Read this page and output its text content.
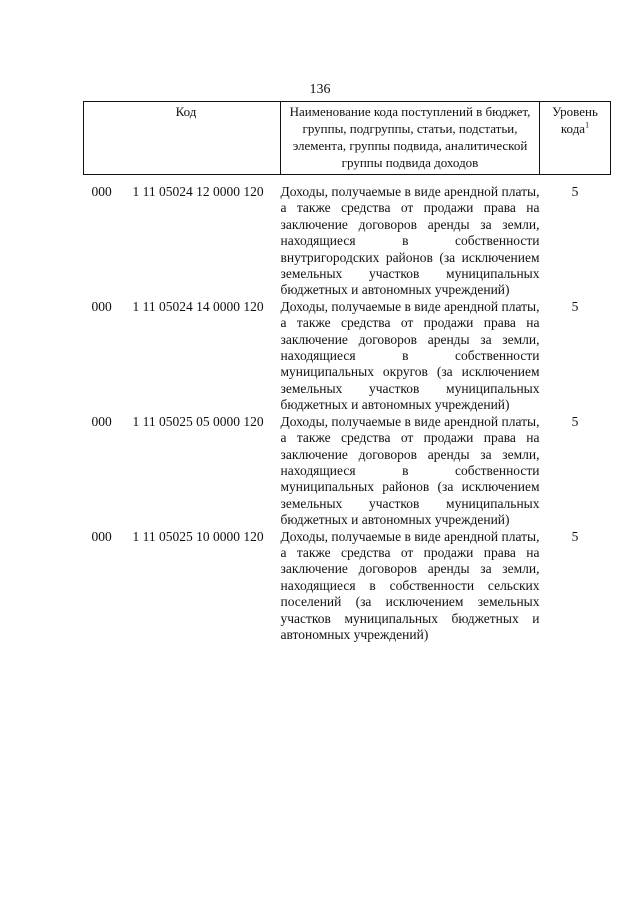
136
Код	Наименование кода поступлений в бюджет, группы, подгруппы, статьи, подстатьи, элемента, группы подвида, аналитической группы подвида доходов	Уровень кода$^1$

000 1 11 05024 12 0000 120	Доходы, получаемые в виде арендной платы, а также средства от продажи права на заключение договоров аренды за земли, находящиеся в собственности внутригородских районов (за исключением земельных участков муниципальных бюджетных и автономных учреждений)	5
000 1 11 05024 14 0000 120	Доходы, получаемые в виде арендной платы, а также средства от продажи права на заключение договоров аренды за земли, находящиеся в собственности муниципальных округов (за исключением земельных участков муниципальных бюджетных и автономных учреждений)	5
000 1 11 05025 05 0000 120	Доходы, получаемые в виде арендной платы, а также средства от продажи права на заключение договоров аренды за земли, находящиеся в собственности муниципальных районов (за исключением земельных участков муниципальных бюджетных и автономных учреждений)	5
000 1 11 05025 10 0000 120	Доходы, получаемые в виде арендной платы, а также средства от продажи права на заключение договоров аренды за земли, находящиеся в собственности сельских поселений (за исключением земельных участков муниципальных бюджетных и автономных учреждений)	5
